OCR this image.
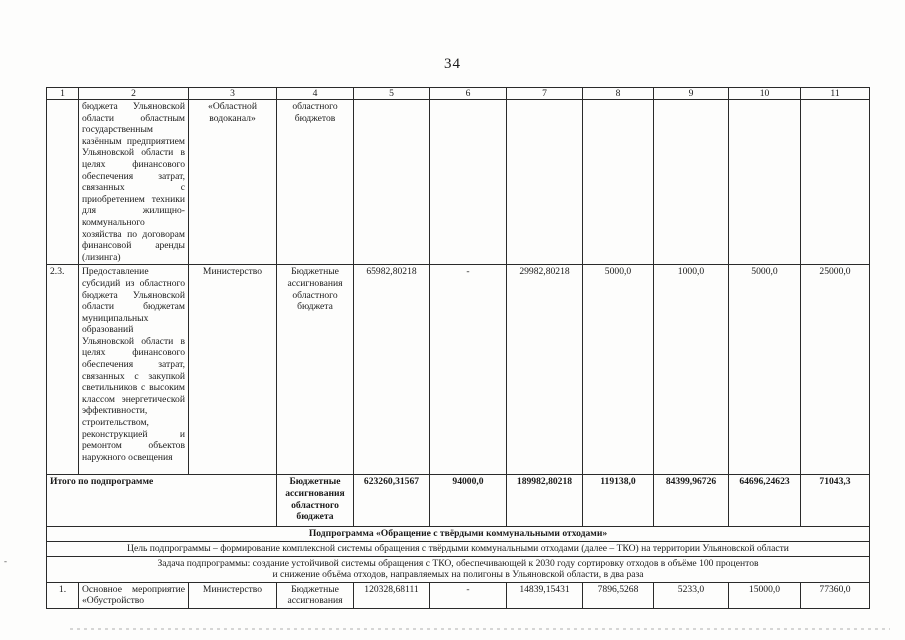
34
1	2	3	4	5	6	7	8	9	10	11
	бюджета Ульяновской области областным государственным казённым предприятием Ульяновской области в целях финансового обеспечения затрат, связанных с приобретением техники для жилищно-коммунального хозяйства по договорам финансовой аренды (лизинга)	«Областной водоканал»	областного бюджетов							
2.3.	Предоставление субсидий из областного бюджета Ульяновской области бюджетам муниципальных образований Ульяновской области в целях финансового обеспечения затрат, связанных с закупкой светильников с высоким классом энергетической эффективности, строительством, реконструкцией и ремонтом объектов наружного освещения	Министерство	Бюджетные ассигнования областного бюджета	65982,80218	-	29982,80218	5000,0	1000,0	5000,0	25000,0
Итого по подпрограмме			Бюджетные ассигнования областного бюджета	623260,31567	94000,0	189982,80218	119138,0	84399,96726	64696,24623	71043,3
Подпрограмма «Обращение с твёрдыми коммунальными отходами»										
Цель подпрограммы – формирование комплексной системы обращения с твёрдыми коммунальными отходами (далее – ТКО) на территории Ульяновской области										

Задача подпрограммы: создание устойчивой системы обращения с ТКО, обеспечивающей к 2030 году сортировку отходов в объёме 100 процентов
и снижение объёма отходов, направляемых на полигоны в Ульяновской области, в два раза										

1.	Основное мероприятие «Обустройство	Министерство	Бюджетные ассигнования	120328,68111	-	14839,15431	7896,5268	5233,0	15000,0	77360,0
-
